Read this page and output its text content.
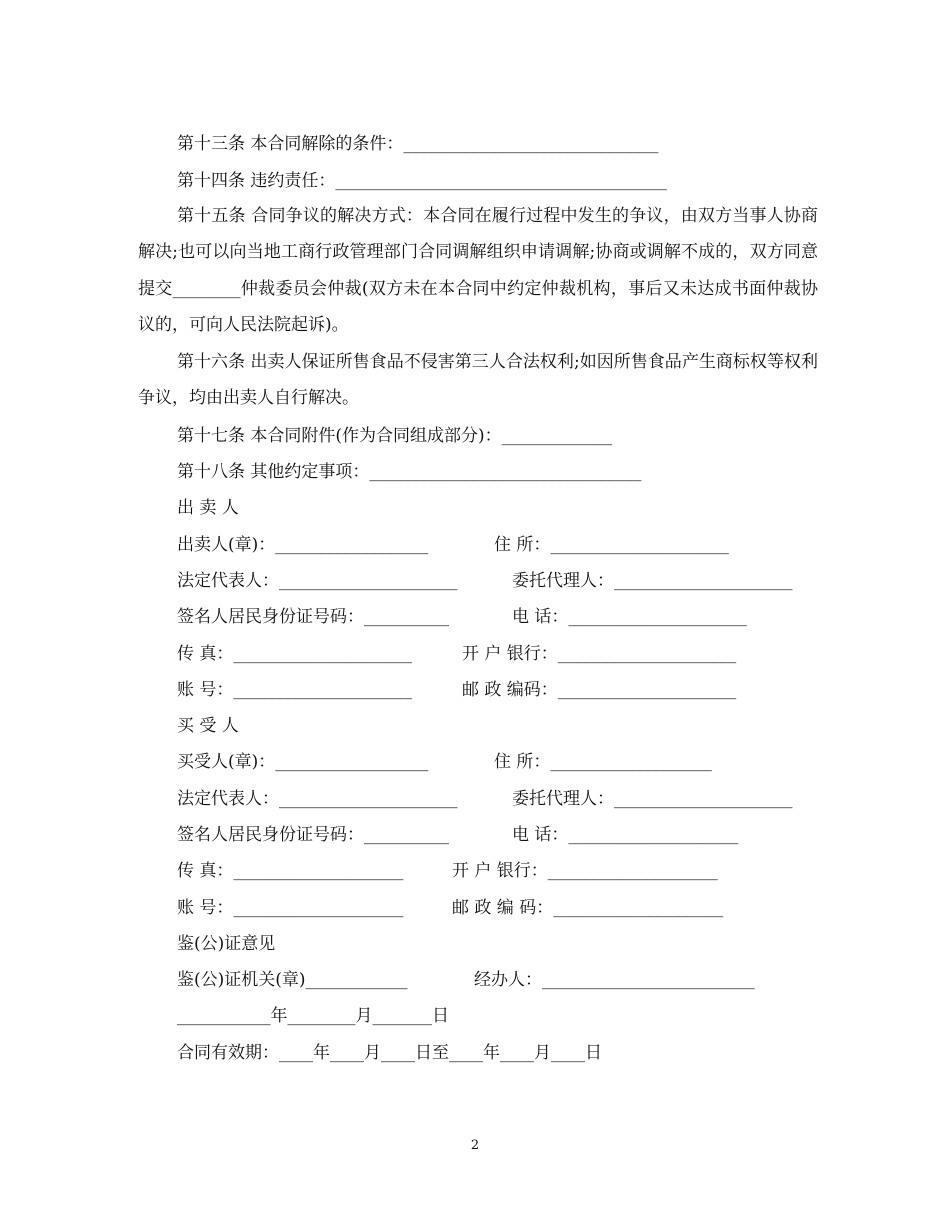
第十三条 本合同解除的条件：______________________________
第十四条 违约责任：_______________________________________
第十五条 合同争议的解决方式：本合同在履行过程中发生的争议，由双方当事人协商解决;也可以向当地工商行政管理部门合同调解组织申请调解;协商或调解不成的，双方同意提交________仲裁委员会仲裁(双方未在本合同中约定仲裁机构，事后又未达成书面仲裁协议的，可向人民法院起诉)。
第十六条 出卖人保证所售食品不侵害第三人合法权利;如因所售食品产生商标权等权利争议，均由出卖人自行解决。
第十七条 本合同附件(作为合同组成部分)：_____________
第十八条 其他约定事项：________________________________
出 卖 人
出卖人(章)：__________________	住 所：_____________________
法定代表人：_____________________	委托代理人：_____________________
签名人居民身份证号码：__________	电 话：_____________________
传 真：_____________________	开 户 银行：_____________________
账 号：_____________________	邮 政 编码：_____________________
买 受 人
买受人(章)：__________________	住 所：___________________
法定代表人：_____________________	委托代理人：_____________________
签名人居民身份证号码：__________	电 话：____________________
传 真：____________________	开 户 银行：____________________
账 号：____________________	邮 政 编 码：____________________
鉴(公)证意见
鉴(公)证机关(章)____________	经办人：_________________________
___________年________月_______日
合同有效期：____年____月____日至____年____月____日
2
